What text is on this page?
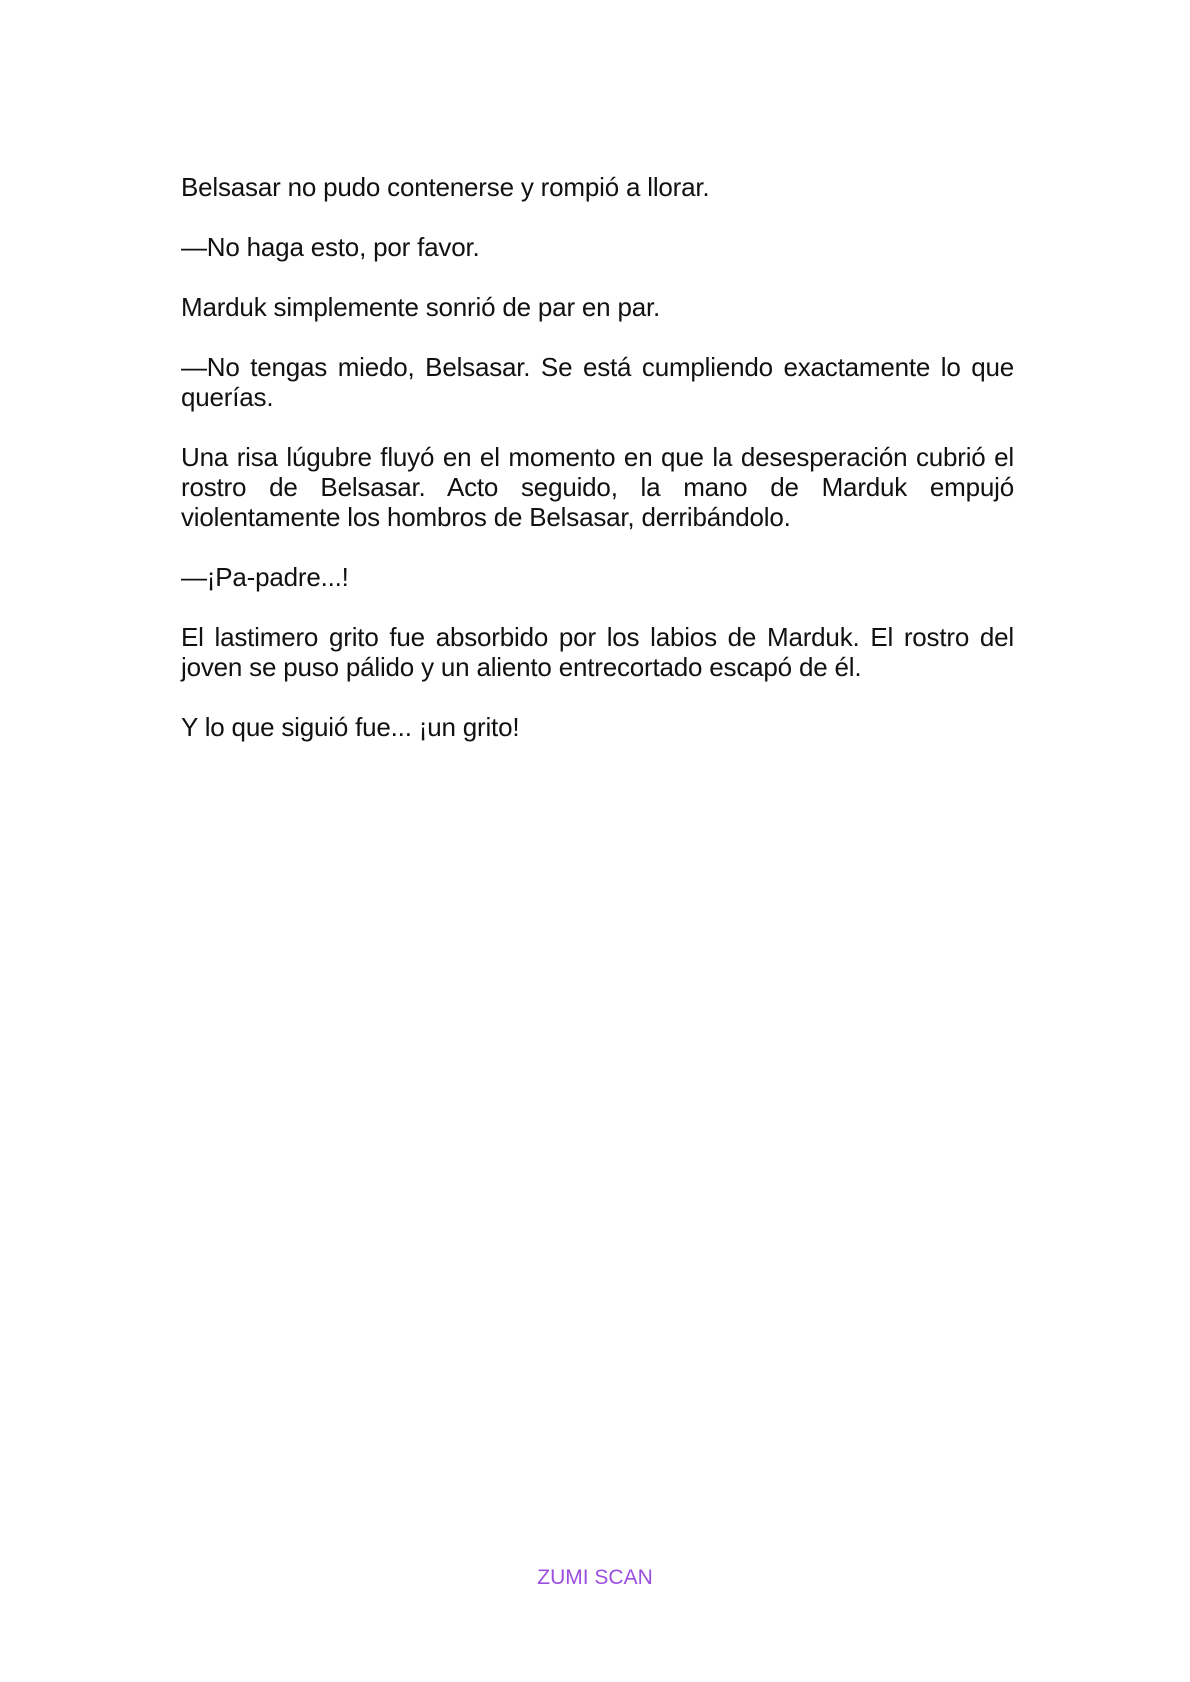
Belsasar no pudo contenerse y rompió a llorar.

—No haga esto, por favor.

Marduk simplemente sonrió de par en par.

—No tengas miedo, Belsasar. Se está cumpliendo exactamente lo que querías.

Una risa lúgubre fluyó en el momento en que la desesperación cubrió el rostro de Belsasar. Acto seguido, la mano de Marduk empujó violentamente los hombros de Belsasar, derribándolo.

—¡Pa-padre...!

El lastimero grito fue absorbido por los labios de Marduk. El rostro del joven se puso pálido y un aliento entrecortado escapó de él.

Y lo que siguió fue... ¡un grito!

ZUMI SCAN
